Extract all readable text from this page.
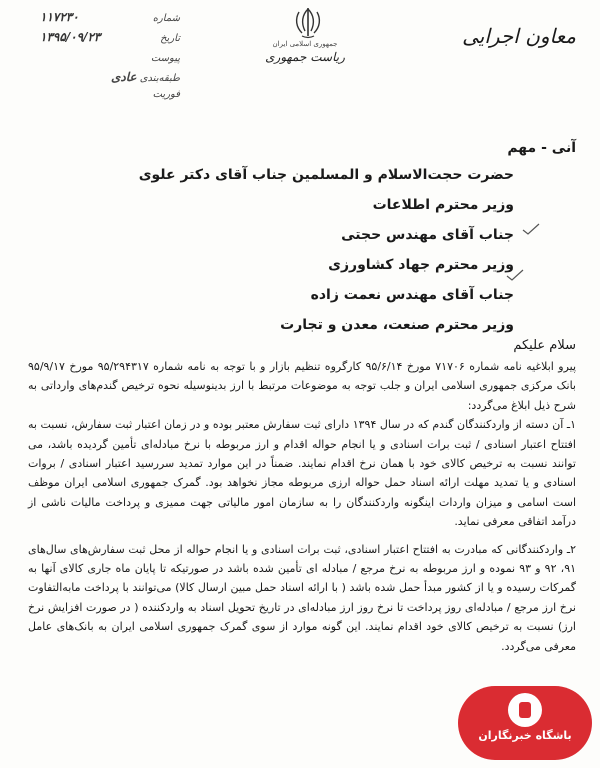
شماره
۱۱۷۲۳۰
تاریخ
۱۳۹۵/۰۹/۲۳
پیوست
طبقه‌بندی عادی
فوریت
جمهوری اسلامی ایران
ریاست جمهوری
معاون اجرایی
آنی - مهم
حضرت حجت‌الاسلام و المسلمین جناب آقای دکتر علوی
وزیر محترم اطلاعات
جناب آقای مهندس حجتی
وزیر محترم جهاد کشاورزی
جناب آقای مهندس نعمت زاده
وزیر محترم صنعت، معدن و تجارت
سلام علیکم

پیرو ابلاغیه نامه شماره ۷۱۷۰۶ مورخ ۹۵/۶/۱۴ کارگروه تنظیم بازار و با توجه به نامه شماره ۹۵/۲۹۴۳۱۷ مورخ ۹۵/۹/۱۷ بانک مرکزی جمهوری اسلامی ایران و جلب توجه به موضوعات مرتبط با ارز بدینوسیله نحوه ترخیص گندم‌های وارداتی به شرح ذیل ابلاغ می‌گردد:

۱ـ آن دسته از واردکنندگان گندم که در سال ۱۳۹۴ دارای ثبت سفارش معتبر بوده و در زمان اعتبار ثبت سفارش، نسبت به افتتاح اعتبار اسنادی / ثبت برات اسنادی و یا انجام حواله اقدام و ارز مربوطه با نرخ مبادله‌ای تأمین گردیده باشد، می توانند نسبت به ترخیص کالای خود با همان نرخ اقدام نمایند. ضمناً در این موارد تمدید سررسید اعتبار اسنادی / بروات اسنادی و یا تمدید مهلت ارائه اسناد حمل حواله ارزی مربوطه مجاز نخواهد بود. گمرک جمهوری اسلامی ایران موظف است اسامی و میزان واردات اینگونه واردکنندگان را به سازمان امور مالیاتی جهت ممیزی و پرداخت مالیات ناشی از درآمد اتفاقی معرفی نماید.

۲ـ واردکنندگانی که مبادرت به افتتاح اعتبار اسنادی، ثبت برات اسنادی و یا انجام حواله از محل ثبت سفارش‌های سال‌های ۹۱، ۹۲ و ۹۳ نموده و ارز مربوطه به نرخ مرجع / مبادله ای تأمین شده باشد در صورتیکه تا پایان ماه جاری کالای آنها به گمرکات رسیده و یا از کشور مبدأ حمل شده باشد ( با ارائه اسناد حمل مبین ارسال کالا) می‌توانند با پرداخت مابه‌التفاوت نرخ ارز مرجع / مبادله‌ای روز پرداخت تا نرخ روز ارز مبادله‌ای در تاریخ تحویل اسناد به واردکننده ( در صورت افزایش نرخ ارز) نسبت به ترخیص کالای خود اقدام نمایند. این گونه موارد از سوی گمرک جمهوری اسلامی ایران به بانک‌های عامل معرفی می‌گردد.

باشگاه خبرنگاران
